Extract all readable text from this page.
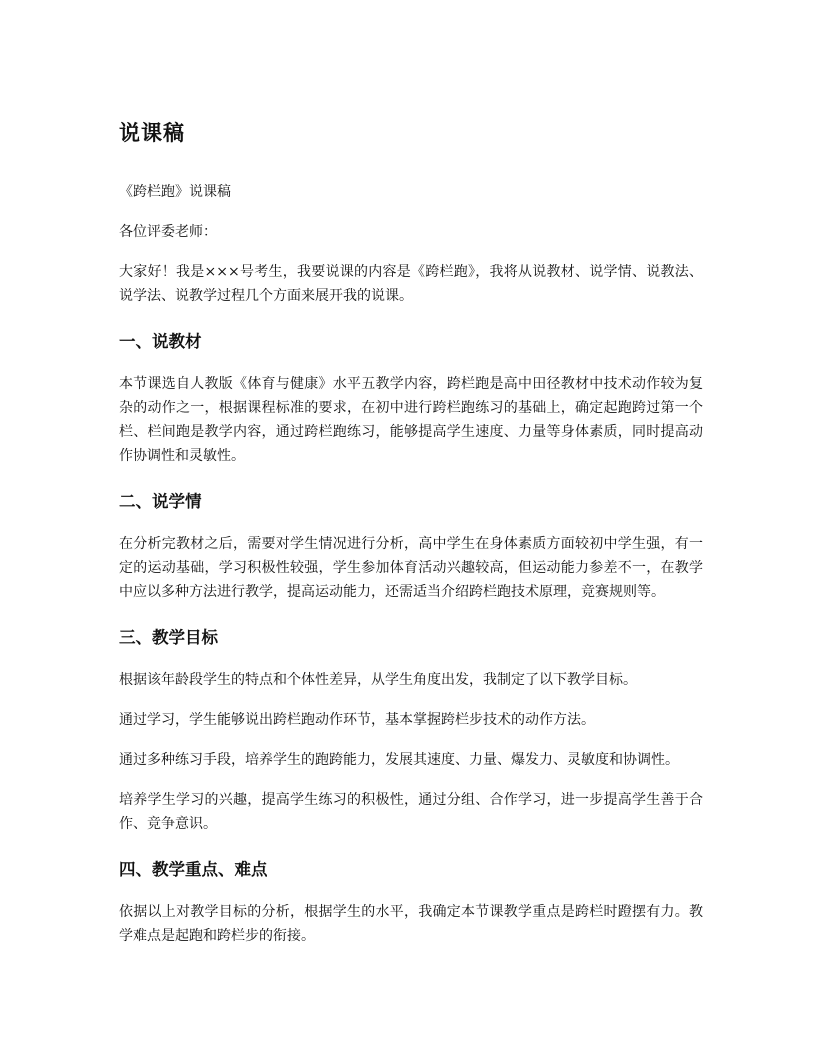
说课稿

《跨栏跑》说课稿

各位评委老师：

大家好！我是×××号考生，我要说课的内容是《跨栏跑》，我将从说教材、说学情、说教法、说学法、说教学过程几个方面来展开我的说课。

一、说教材

本节课选自人教版《体育与健康》水平五教学内容，跨栏跑是高中田径教材中技术动作较为复杂的动作之一，根据课程标准的要求，在初中进行跨栏跑练习的基础上，确定起跑跨过第一个栏、栏间跑是教学内容，通过跨栏跑练习，能够提高学生速度、力量等身体素质，同时提高动作协调性和灵敏性。

二、说学情

在分析完教材之后，需要对学生情况进行分析，高中学生在身体素质方面较初中学生强，有一定的运动基础，学习积极性较强，学生参加体育活动兴趣较高，但运动能力参差不一，在教学中应以多种方法进行教学，提高运动能力，还需适当介绍跨栏跑技术原理，竞赛规则等。

三、教学目标

根据该年龄段学生的特点和个体性差异，从学生角度出发，我制定了以下教学目标。

通过学习，学生能够说出跨栏跑动作环节，基本掌握跨栏步技术的动作方法。

通过多种练习手段，培养学生的跑跨能力，发展其速度、力量、爆发力、灵敏度和协调性。

培养学生学习的兴趣，提高学生练习的积极性，通过分组、合作学习，进一步提高学生善于合作、竞争意识。

四、教学重点、难点

依据以上对教学目标的分析，根据学生的水平，我确定本节课教学重点是跨栏时蹬摆有力。教学难点是起跑和跨栏步的衔接。
